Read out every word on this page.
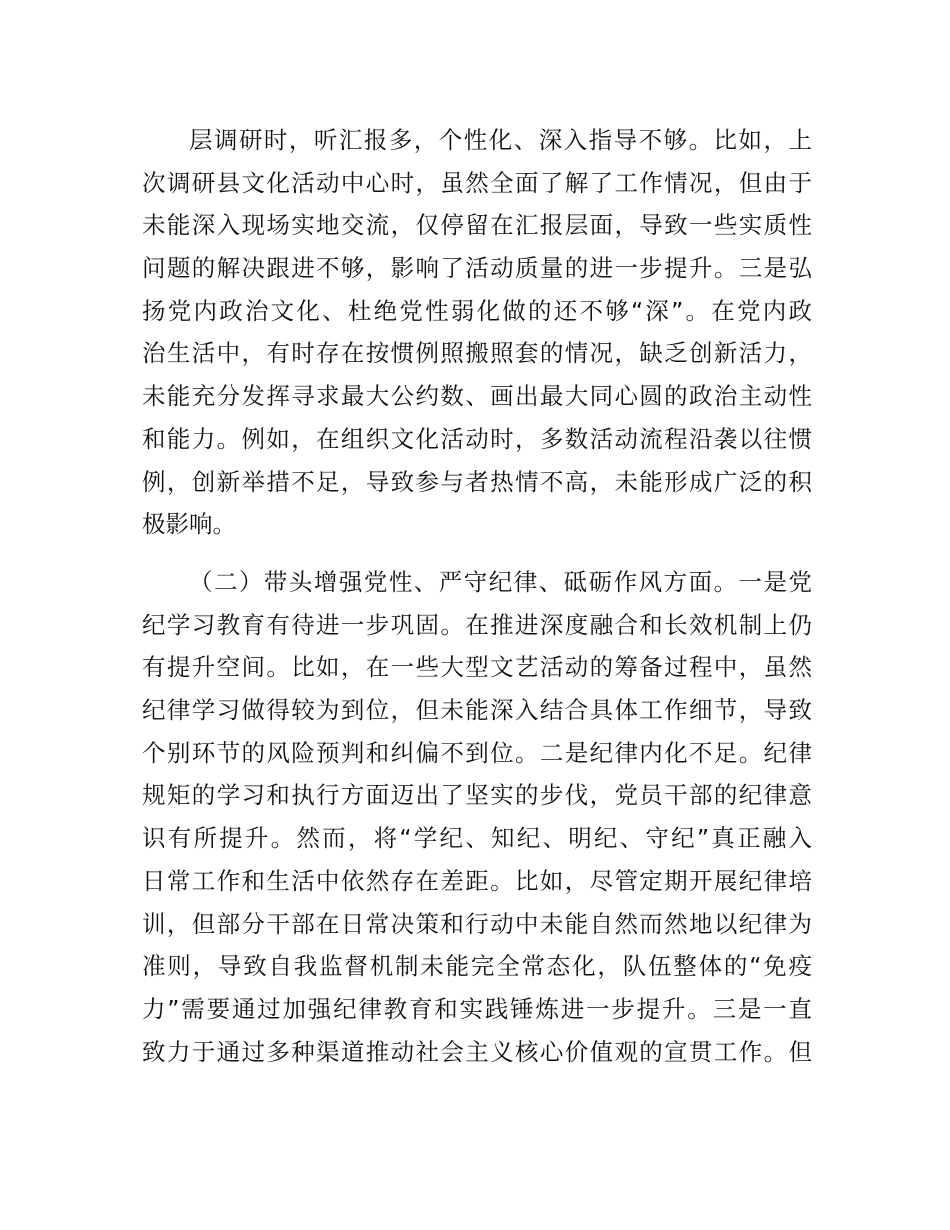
层调研时，听汇报多，个性化、深入指导不够。比如，上
次调研县文化活动中心时，虽然全面了解了工作情况，但由于
未能深入现场实地交流，仅停留在汇报层面，导致一些实质性
问题的解决跟进不够，影响了活动质量的进一步提升。三是弘
扬党内政治文化、杜绝党性弱化做的还不够“深”。在党内政
治生活中，有时存在按惯例照搬照套的情况，缺乏创新活力，
未能充分发挥寻求最大公约数、画出最大同心圆的政治主动性
和能力。例如，在组织文化活动时，多数活动流程沿袭以往惯
例，创新举措不足，导致参与者热情不高，未能形成广泛的积
极影响。
（二）带头增强党性、严守纪律、砥砺作风方面。一是党
纪学习教育有待进一步巩固。在推进深度融合和长效机制上仍
有提升空间。比如，在一些大型文艺活动的筹备过程中，虽然
纪律学习做得较为到位，但未能深入结合具体工作细节，导致
个别环节的风险预判和纠偏不到位。二是纪律内化不足。纪律
规矩的学习和执行方面迈出了坚实的步伐，党员干部的纪律意
识有所提升。然而，将“学纪、知纪、明纪、守纪”真正融入
日常工作和生活中依然存在差距。比如，尽管定期开展纪律培
训，但部分干部在日常决策和行动中未能自然而然地以纪律为
准则，导致自我监督机制未能完全常态化，队伍整体的“免疫
力”需要通过加强纪律教育和实践锤炼进一步提升。三是一直
致力于通过多种渠道推动社会主义核心价值观的宣贯工作。但
